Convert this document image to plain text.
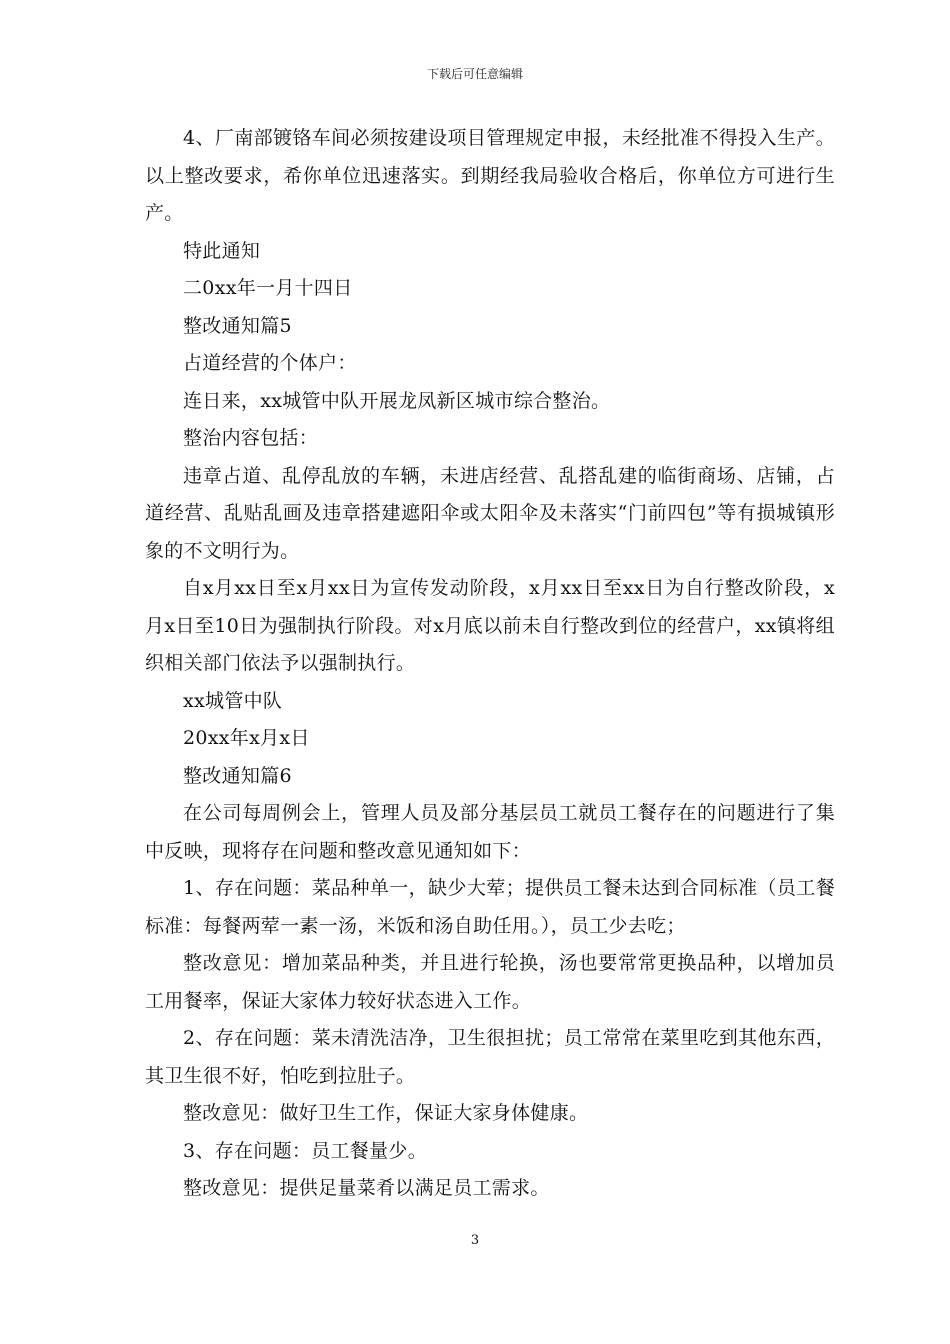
下载后可任意编辑

4、厂南部镀铬车间必须按建设项目管理规定申报，未经批准不得投入生产。以上整改要求，希你单位迅速落实。到期经我局验收合格后，你单位方可进行生产。

特此通知

二0xx年一月十四日

整改通知篇5

占道经营的个体户：

连日来，xx城管中队开展龙凤新区城市综合整治。

整治内容包括：

违章占道、乱停乱放的车辆，未进店经营、乱搭乱建的临街商场、店铺，占道经营、乱贴乱画及违章搭建遮阳伞或太阳伞及未落实“门前四包”等有损城镇形象的不文明行为。

自x月xx日至x月xx日为宣传发动阶段，x月xx日至xx日为自行整改阶段，x月x日至10日为强制执行阶段。对x月底以前未自行整改到位的经营户，xx镇将组织相关部门依法予以强制执行。

xx城管中队

20xx年x月x日

整改通知篇6

在公司每周例会上，管理人员及部分基层员工就员工餐存在的问题进行了集中反映，现将存在问题和整改意见通知如下：

1、存在问题：菜品种单一，缺少大荤；提供员工餐未达到合同标准（员工餐标准：每餐两荤一素一汤，米饭和汤自助任用。），员工少去吃；

整改意见：增加菜品种类，并且进行轮换，汤也要常常更换品种，以增加员工用餐率，保证大家体力较好状态进入工作。

2、存在问题：菜未清洗洁净，卫生很担扰；员工常常在菜里吃到其他东西，其卫生很不好，怕吃到拉肚子。

整改意见：做好卫生工作，保证大家身体健康。

3、存在问题：员工餐量少。

整改意见：提供足量菜肴以满足员工需求。

3
